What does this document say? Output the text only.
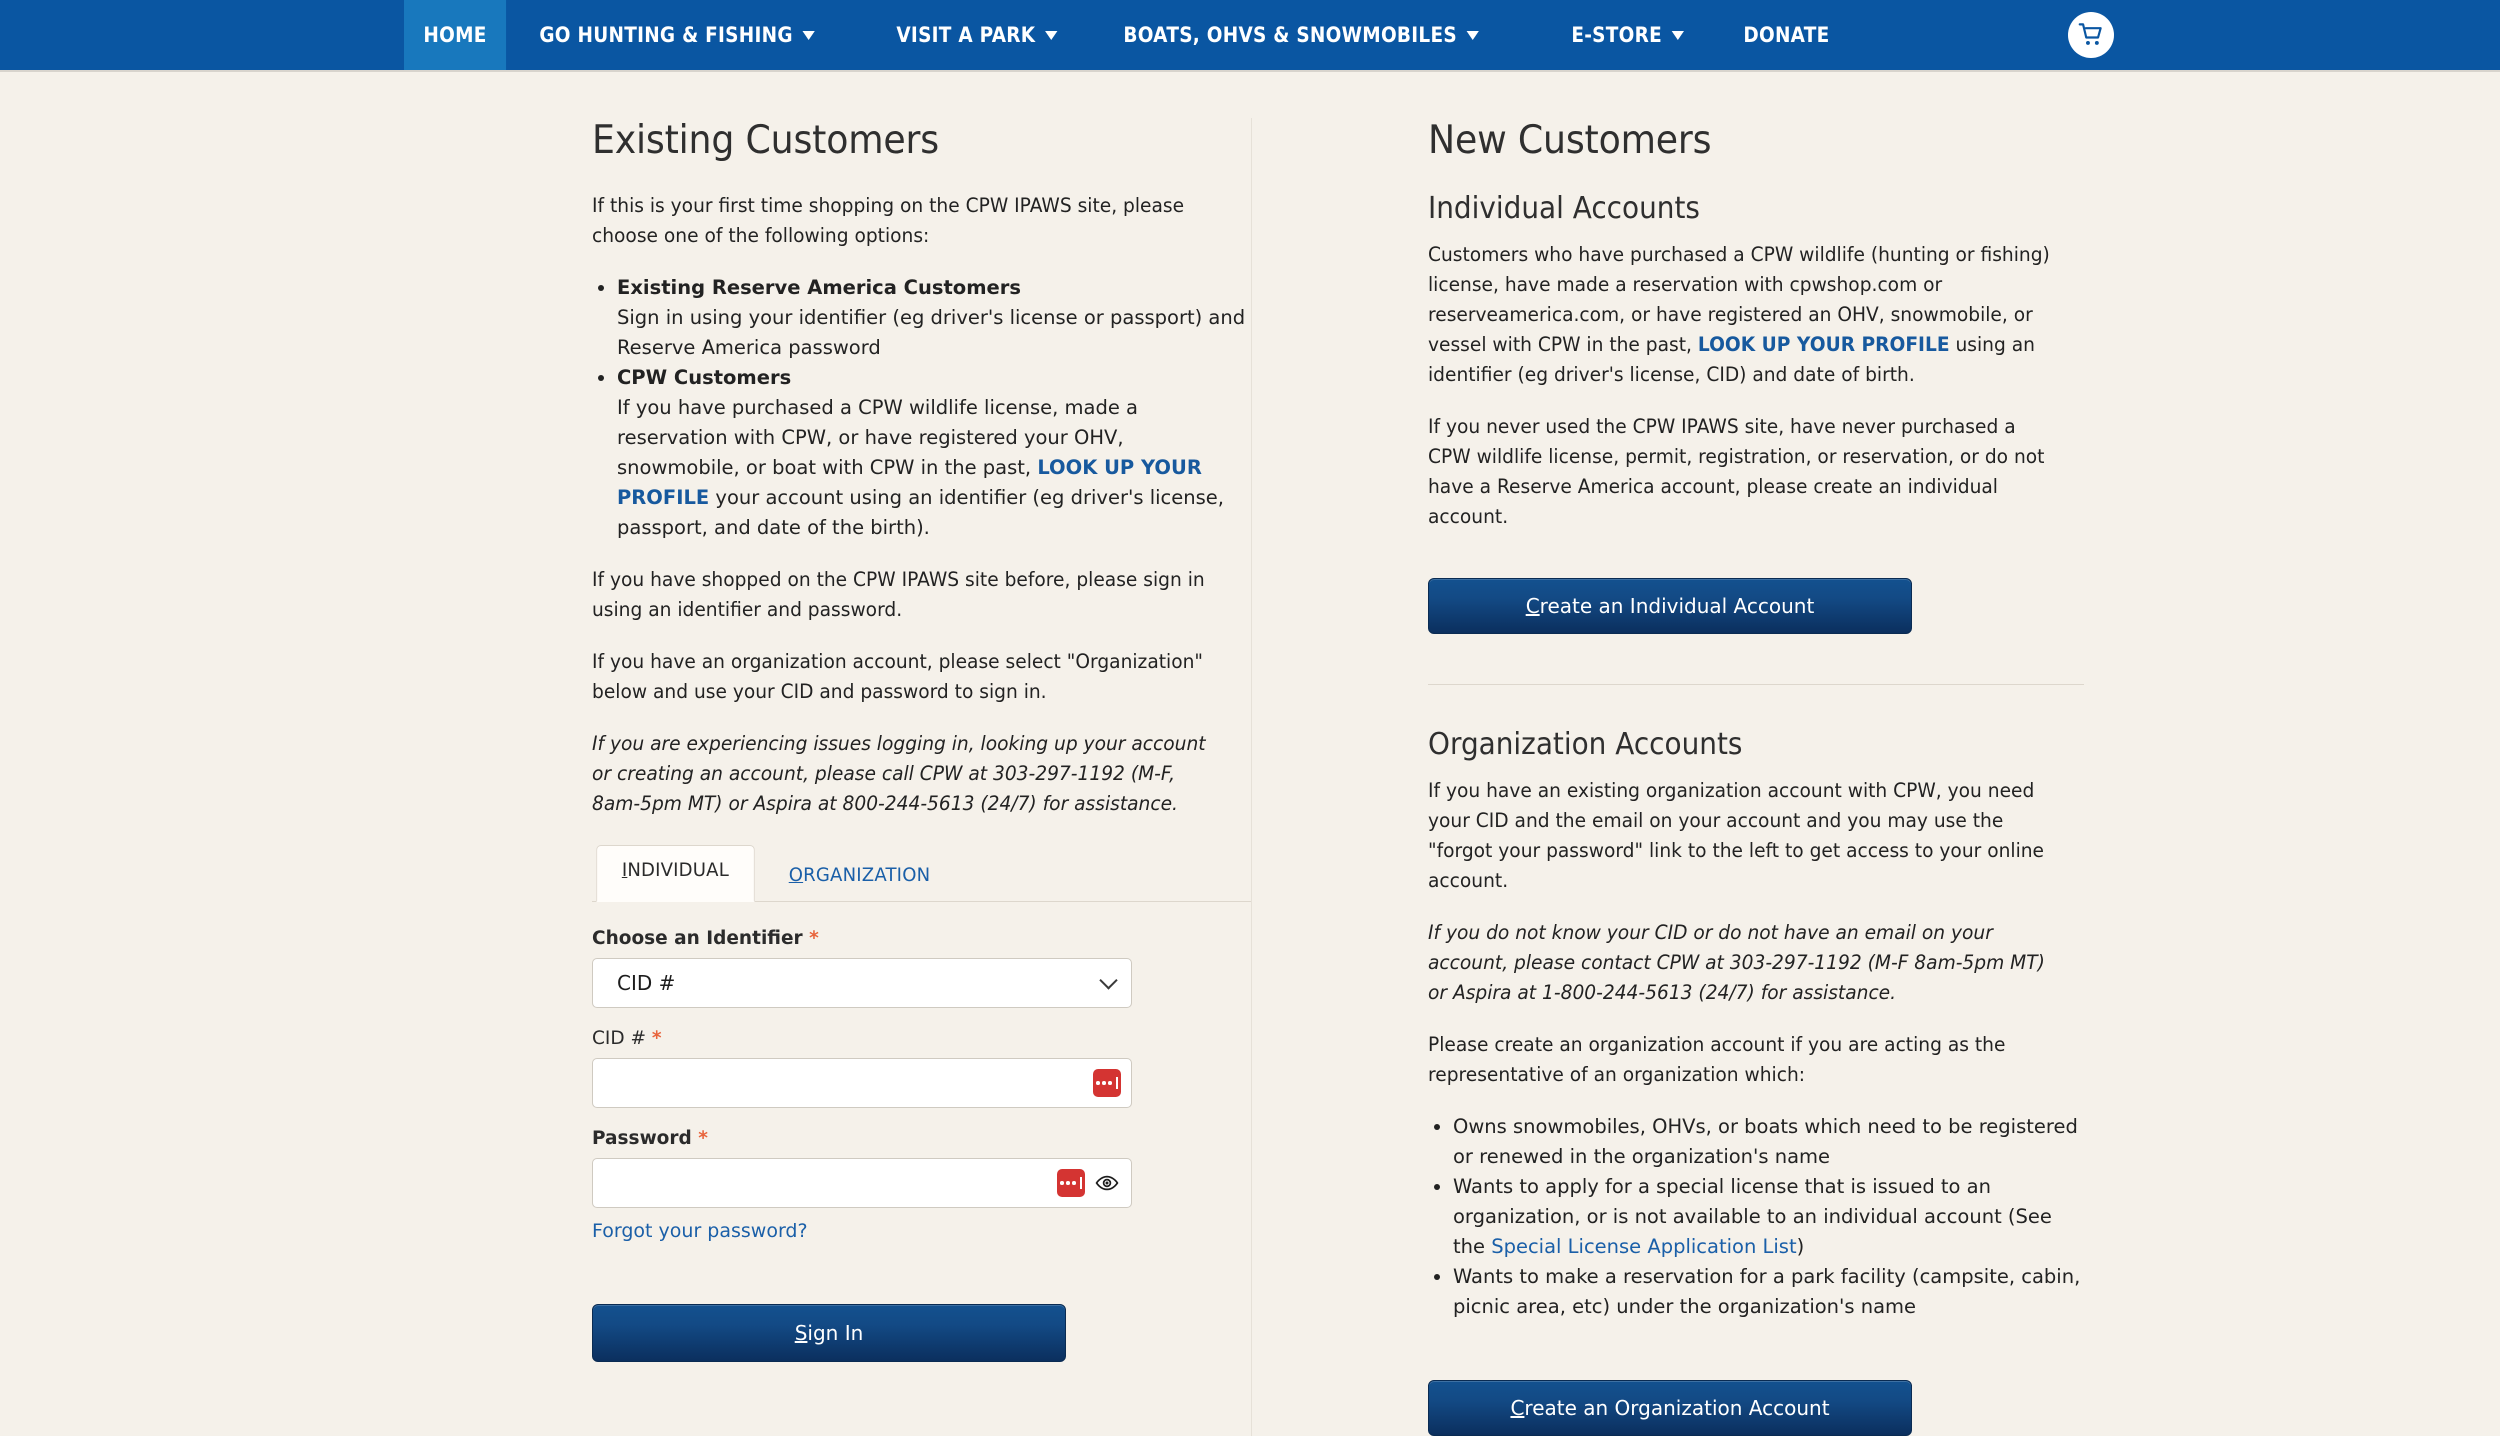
HOME	GO HUNTING & FISHING	VISIT A PARK	BOATS, OHVS & SNOWMOBILES	E-STORE	DONATE
Existing Customers

If this is your first time shopping on the CPW IPAWS site, please choose one of the following options:

• Existing Reserve America Customers
Sign in using your identifier (eg driver's license or passport) and Reserve America password
• CPW Customers
If you have purchased a CPW wildlife license, made a reservation with CPW, or have registered your OHV, snowmobile, or boat with CPW in the past, LOOK UP YOUR PROFILE your account using an identifier (eg driver's license, passport, and date of the birth).

If you have shopped on the CPW IPAWS site before, please sign in using an identifier and password.

If you have an organization account, please select "Organization" below and use your CID and password to sign in.

If you are experiencing issues logging in, looking up your account or creating an account, please call CPW at 303-297-1192 (M-F, 8am-5pm MT) or Aspira at 800-244-5613 (24/7) for assistance.

INDIVIDUAL	ORGANIZATION
Choose an Identifier *
CID #
CID # *
Password *
Forgot your password?
Sign In
New Customers
Individual Accounts

Customers who have purchased a CPW wildlife (hunting or fishing) license, have made a reservation with cpwshop.com or reserveamerica.com, or have registered an OHV, snowmobile, or vessel with CPW in the past, LOOK UP YOUR PROFILE using an identifier (eg driver's license, CID) and date of birth.

If you never used the CPW IPAWS site, have never purchased a CPW wildlife license, permit, registration, or reservation, or do not have a Reserve America account, please create an individual account.

Create an Individual Account
Organization Accounts

If you have an existing organization account with CPW, you need your CID and the email on your account and you may use the "forgot your password" link to the left to get access to your online account.

If you do not know your CID or do not have an email on your account, please contact CPW at 303-297-1192 (M-F 8am-5pm MT) or Aspira at 1-800-244-5613 (24/7) for assistance.

Please create an organization account if you are acting as the representative of an organization which:

• Owns snowmobiles, OHVs, or boats which need to be registered or renewed in the organization's name
• Wants to apply for a special license that is issued to an organization, or is not available to an individual account (See the Special License Application List)
• Wants to make a reservation for a park facility (campsite, cabin, picnic area, etc) under the organization's name
Create an Organization Account
